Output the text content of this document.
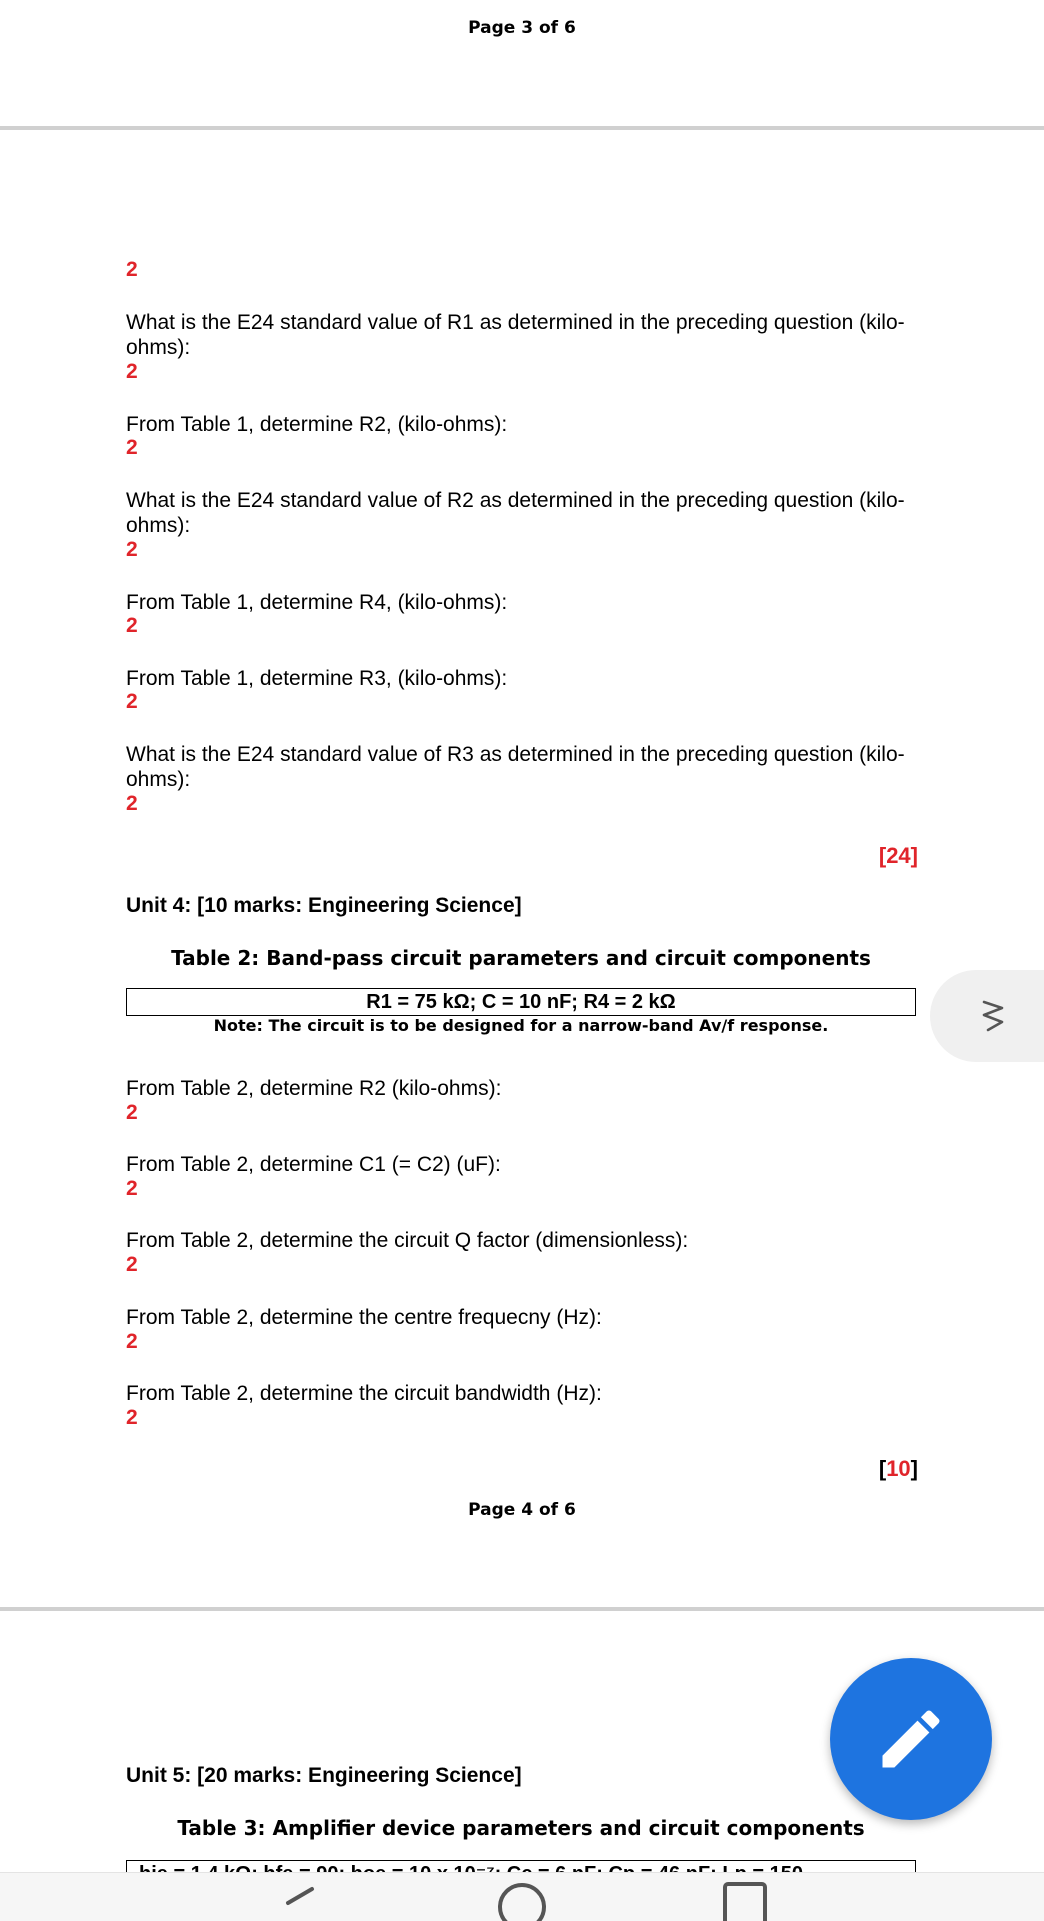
Page 3 of 6
2
What is the E24 standard value of R1 as determined in the preceding question (kilo-ohms):
2
From Table 1, determine R2, (kilo-ohms):
2
What is the E24 standard value of R2 as determined in the preceding question (kilo-ohms):
2
From Table 1, determine R4, (kilo-ohms):
2
From Table 1, determine R3, (kilo-ohms):
2
What is the E24 standard value of R3 as determined in the preceding question (kilo-ohms):
2
[24]
Unit 4: [10 marks: Engineering Science]
Table 2: Band-pass circuit parameters and circuit components
R1 = 75 kΩ; C = 10 nF; R4 = 2 kΩ
Note: The circuit is to be designed for a narrow-band Av/f response.
From Table 2, determine R2 (kilo-ohms):
2
From Table 2, determine C1 (= C2) (uF):
2
From Table 2, determine the circuit Q factor (dimensionless):
2
From Table 2, determine the centre frequecny (Hz):
2
From Table 2, determine the circuit bandwidth (Hz):
2
[10]
Page 4 of 6
Unit 5: [20 marks: Engineering Science]
Table 3: Amplifier device parameters and circuit components
